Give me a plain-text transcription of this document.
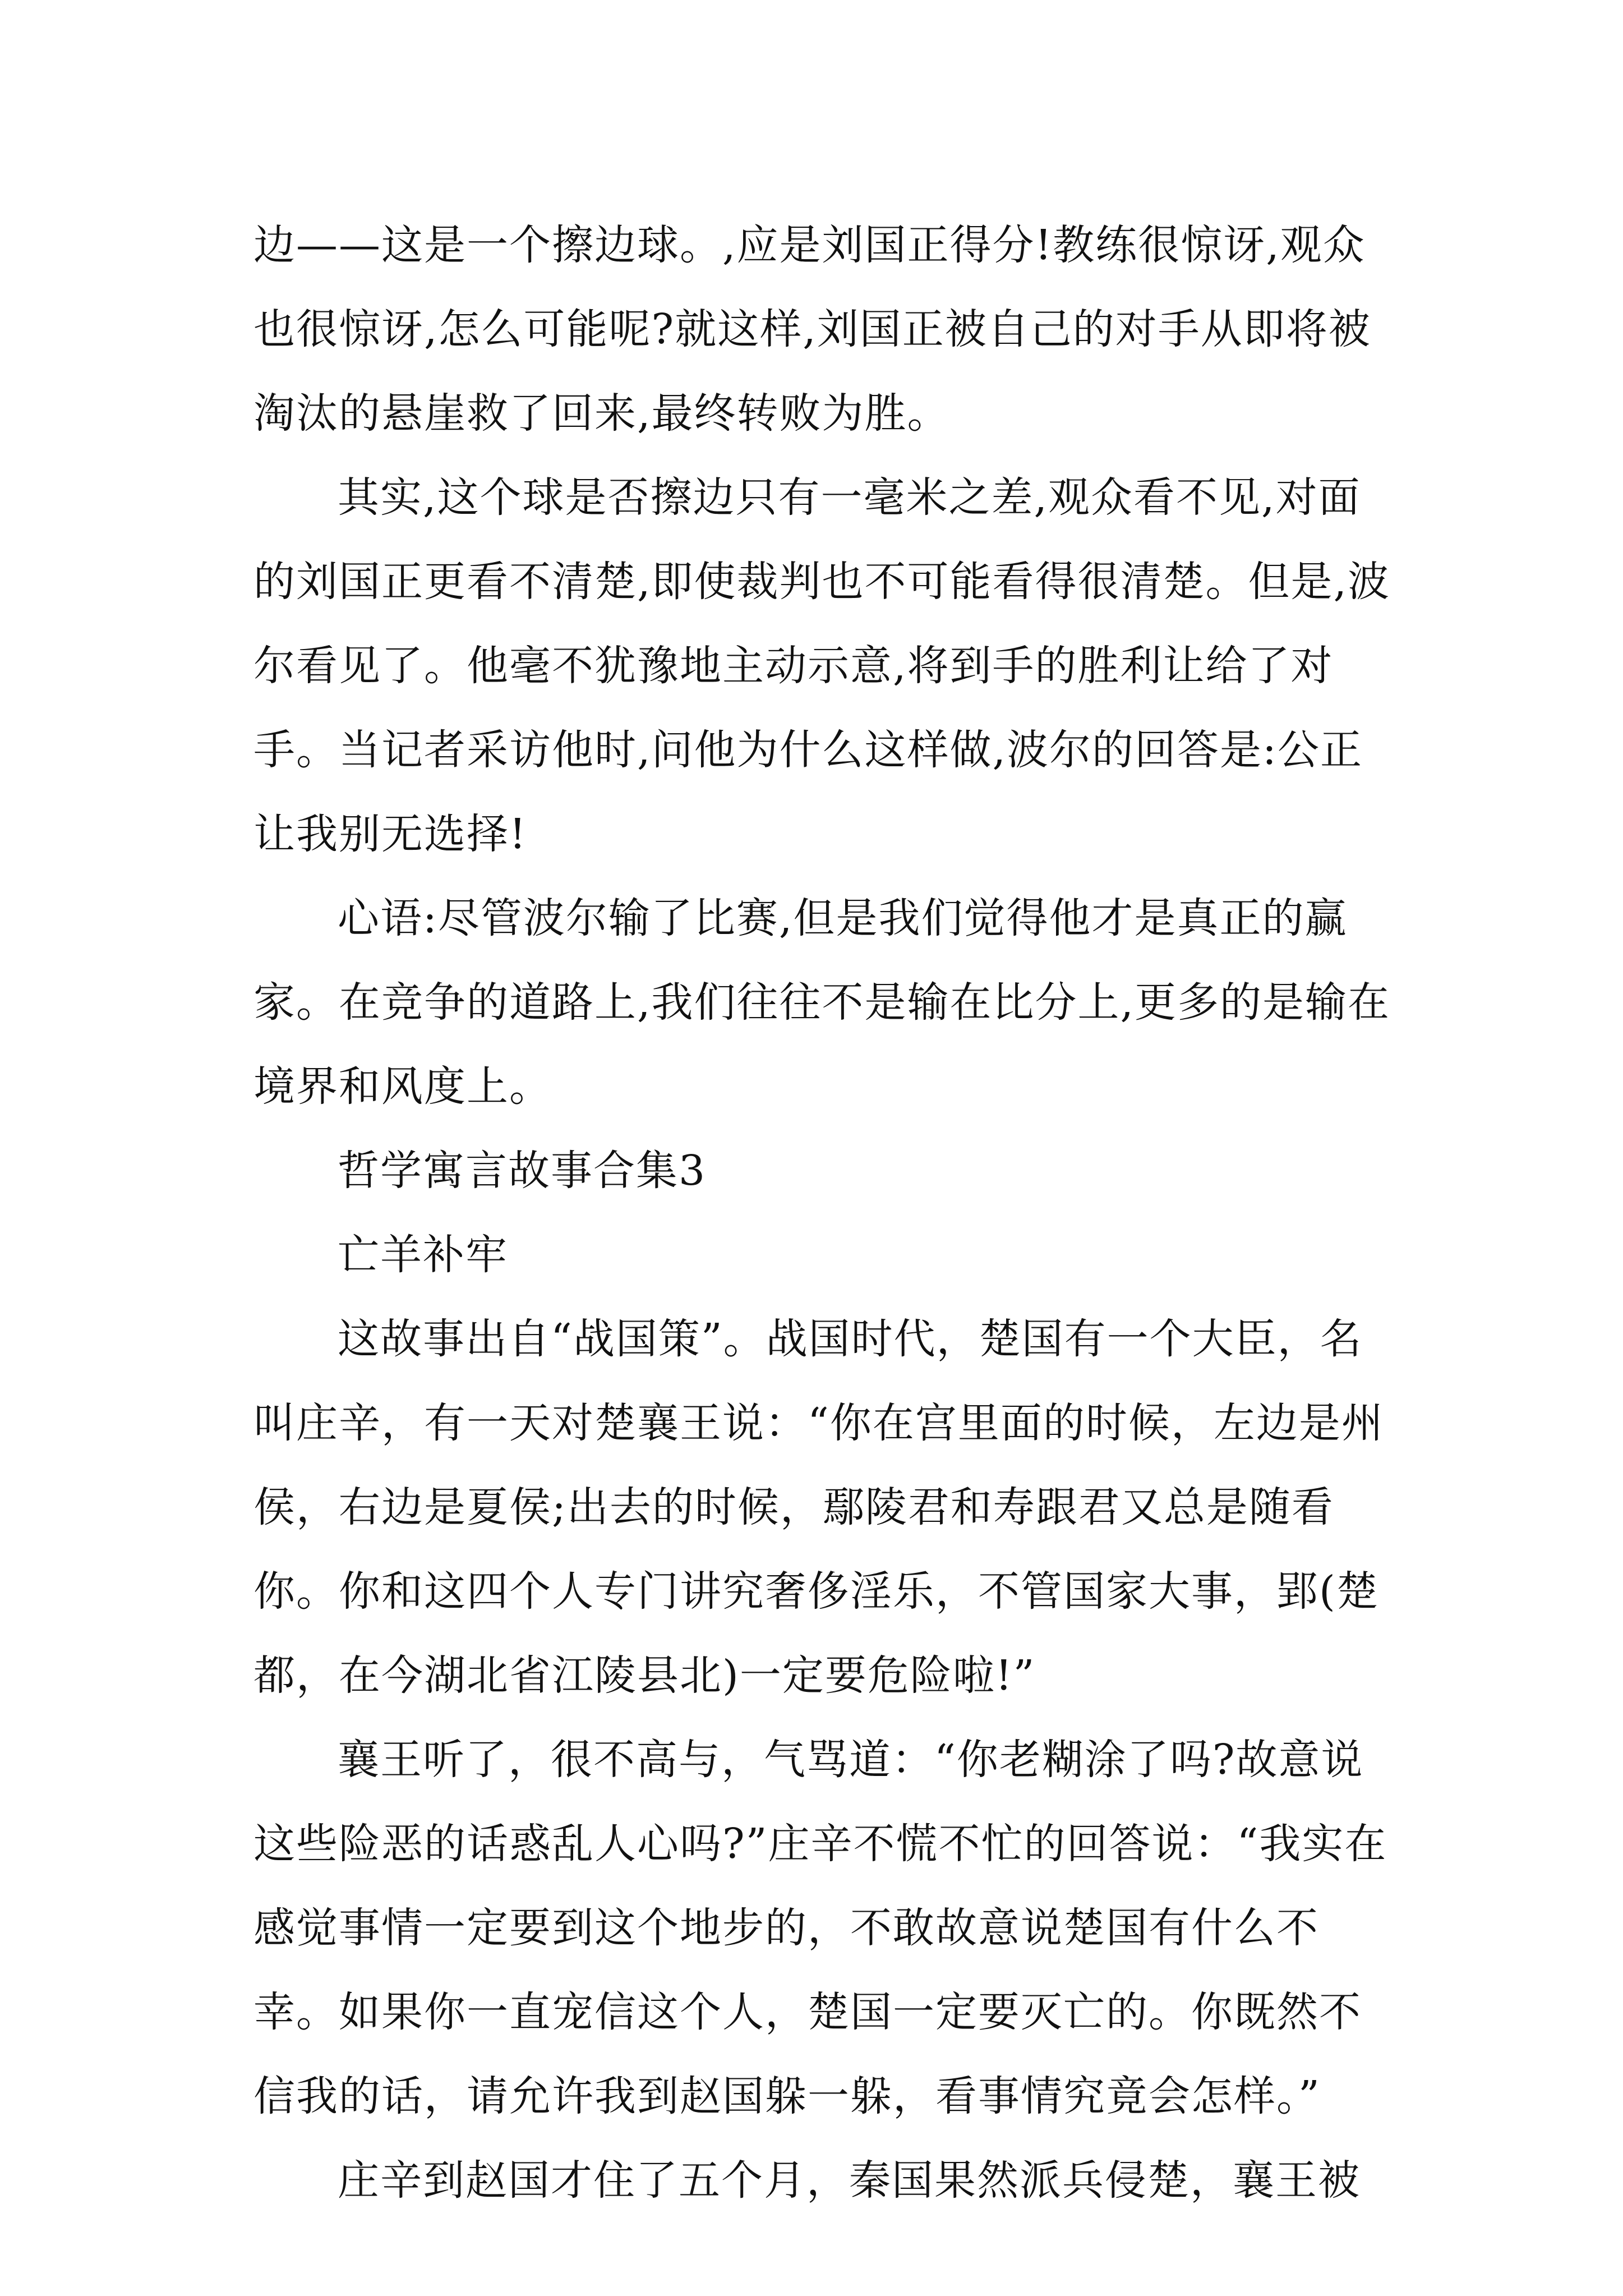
边——这是一个擦边球。,应是刘国正得分!教练很惊讶,观众也很惊讶,怎么可能呢?就这样,刘国正被自己的对手从即将被淘汰的悬崖救了回来,最终转败为胜。

其实,这个球是否擦边只有一毫米之差,观众看不见,对面的刘国正更看不清楚,即使裁判也不可能看得很清楚。但是,波尔看见了。他毫不犹豫地主动示意,将到手的胜利让给了对手。当记者采访他时,问他为什么这样做,波尔的回答是:公正让我别无选择!

心语:尽管波尔输了比赛,但是我们觉得他才是真正的赢家。在竞争的道路上,我们往往不是输在比分上,更多的是输在境界和风度上。

哲学寓言故事合集3

亡羊补牢

这故事出自“战国策”。战国时代，楚国有一个大臣，名叫庄辛，有一天对楚襄王说：“你在宫里面的时候，左边是州侯，右边是夏侯;出去的时候，鄢陵君和寿跟君又总是随看你。你和这四个人专门讲究奢侈淫乐，不管国家大事，郢(楚都，在今湖北省江陵县北)一定要危险啦!”

襄王听了，很不高与，气骂道：“你老糊涂了吗?故意说这些险恶的话惑乱人心吗?”庄辛不慌不忙的回答说：“我实在感觉事情一定要到这个地步的，不敢故意说楚国有什么不幸。如果你一直宠信这个人，楚国一定要灭亡的。你既然不信我的话，请允许我到赵国躲一躲，看事情究竟会怎样。”

庄辛到赵国才住了五个月，秦国果然派兵侵楚，襄王被
